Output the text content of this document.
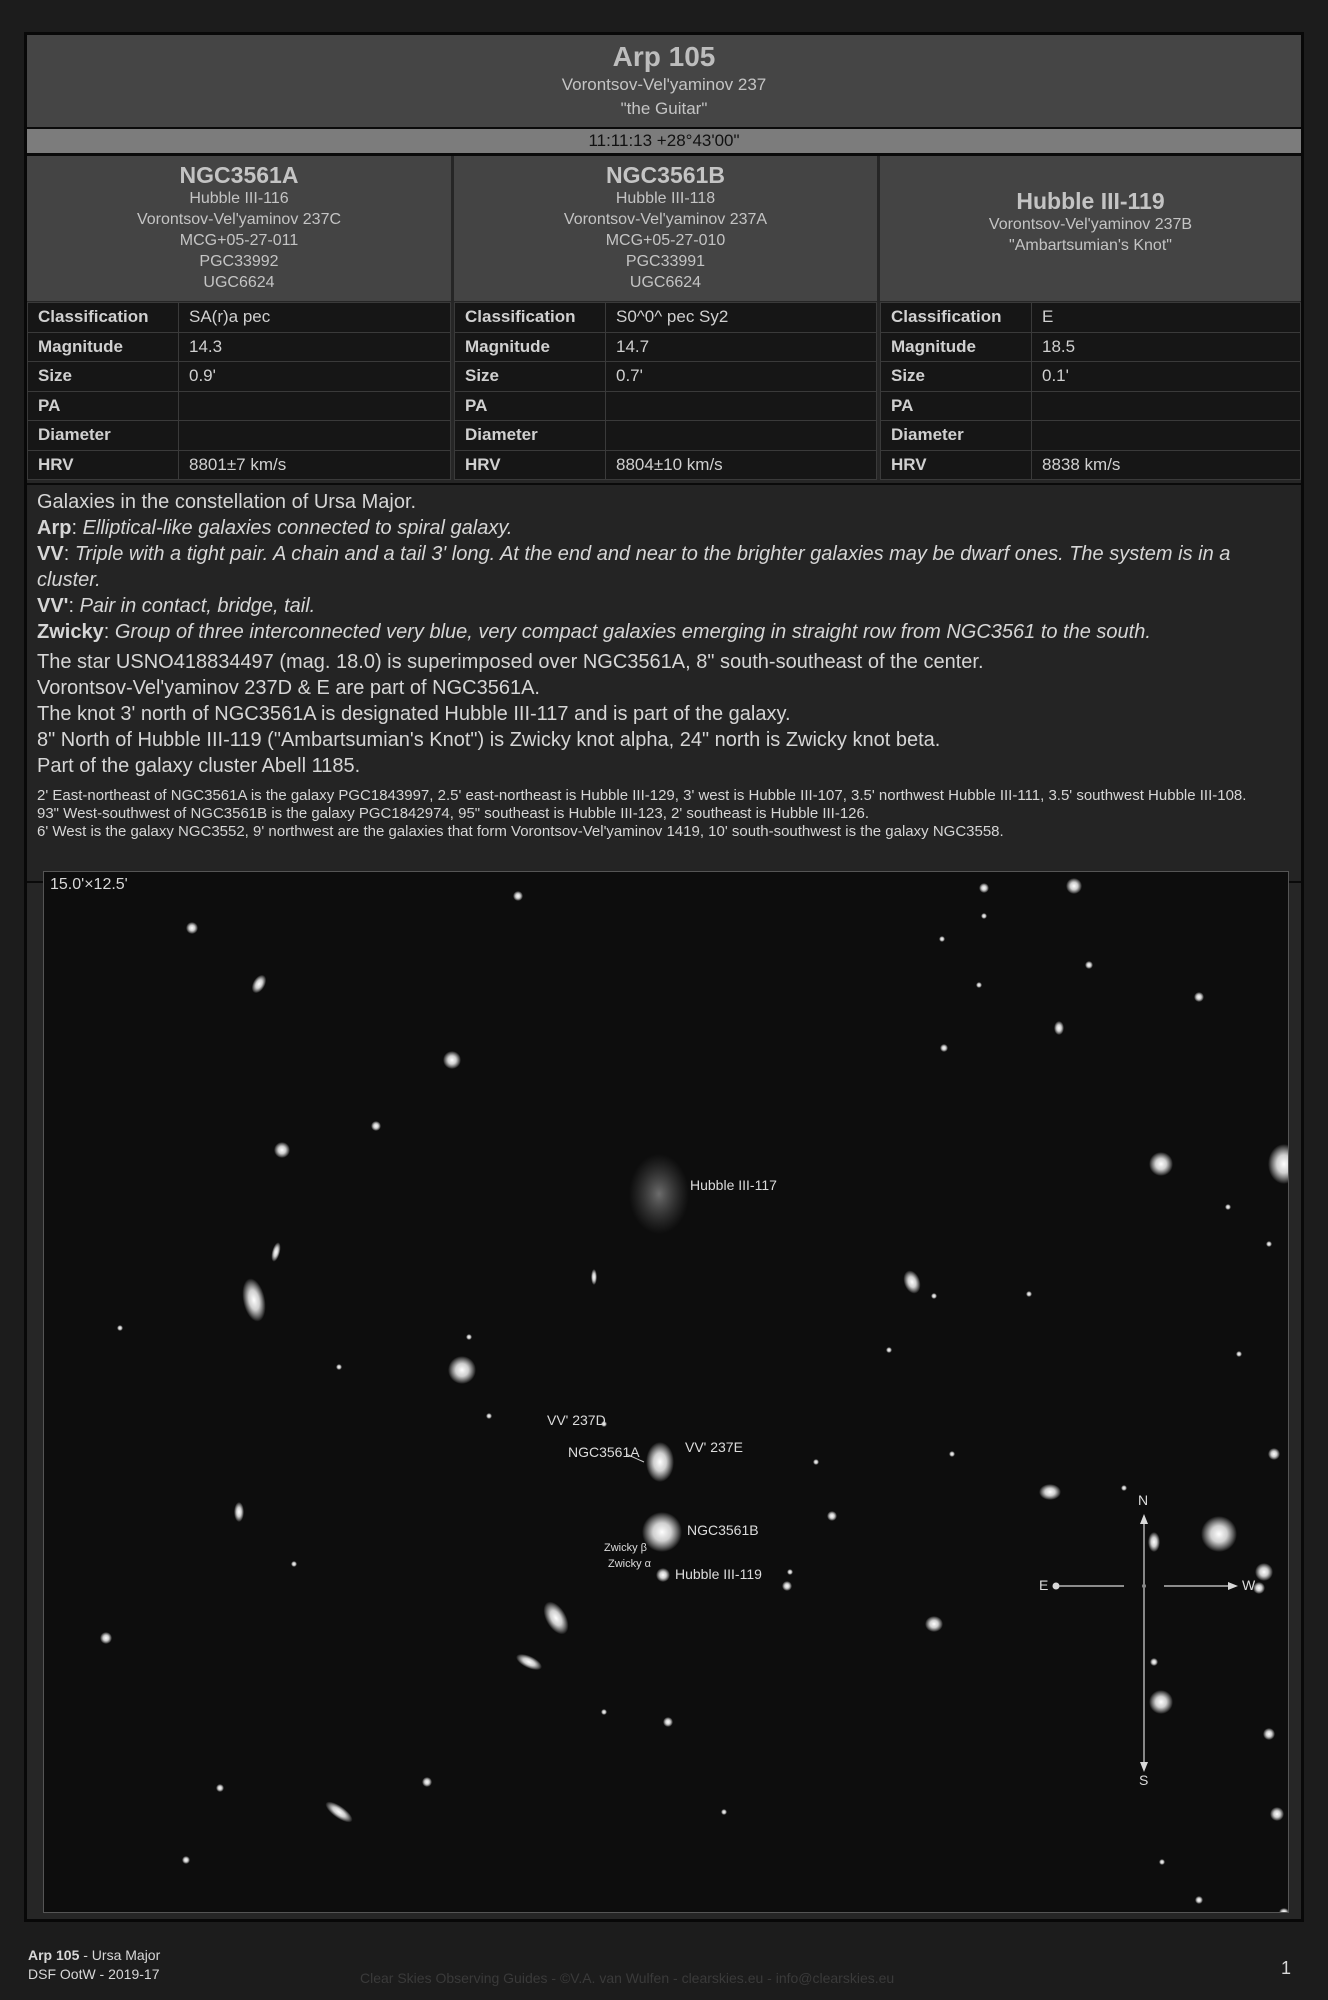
Arp 105
Vorontsov-Vel'yaminov 237
"the Guitar"
11:11:13 +28°43'00"
NGC3561A
Hubble III-116
Vorontsov-Vel'yaminov 237C
MCG+05-27-011
PGC33992
UGC6624
NGC3561B
Hubble III-118
Vorontsov-Vel'yaminov 237A
MCG+05-27-010
PGC33991
UGC6624
Hubble III-119
Vorontsov-Vel'yaminov 237B
"Ambartsumian's Knot"
Classification	SA(r)a pec
Magnitude	14.3
Size	0.9'
PA	
Diameter	
HRV	8801±7 km/s
Classification	S0^0^ pec Sy2
Magnitude	14.7
Size	0.7'
PA	
Diameter	
HRV	8804±10 km/s
Classification	E
Magnitude	18.5
Size	0.1'
PA	
Diameter	
HRV	8838 km/s

Galaxies in the constellation of Ursa Major.

Arp: Elliptical-like galaxies connected to spiral galaxy.

VV: Triple with a tight pair. A chain and a tail 3' long. At the end and near to the brighter galaxies may be dwarf ones. The system is in a cluster.

VV': Pair in contact, bridge, tail.

Zwicky: Group of three interconnected very blue, very compact galaxies emerging in straight row from NGC3561 to the south.

The star USNO418834497 (mag. 18.0) is superimposed over NGC3561A, 8" south-southeast of the center.

Vorontsov-Vel'yaminov 237D & E are part of NGC3561A.

The knot 3' north of NGC3561A is designated Hubble III-117 and is part of the galaxy.

8" North of Hubble III-119 ("Ambartsumian's Knot") is Zwicky knot alpha, 24" north is Zwicky knot beta.

Part of the galaxy cluster Abell 1185.

2' East-northeast of NGC3561A is the galaxy PGC1843997, 2.5' east-northeast is Hubble III-129, 3' west is Hubble III-107, 3.5' northwest Hubble III-111, 3.5' southwest Hubble III-108.

93" West-southwest of NGC3561B is the galaxy PGC1842974, 95" southeast is Hubble III-123, 2' southeast is Hubble III-126.

6' West is the galaxy NGC3552, 9' northwest are the galaxies that form Vorontsov-Vel'yaminov 1419, 10' south-southwest is the galaxy NGC3558.

15.0'×12.5'
Hubble III-117
VV' 237D
NGC3561A	VV' 237E
NGC3561B
Zwicky β
Zwicky α
Hubble III-119
N
E	W
S
Arp 105 - Ursa Major
DSF OotW - 2019-17	Clear Skies Observing Guides - ©V.A. van Wulfen - clearskies.eu - info@clearskies.eu	1
